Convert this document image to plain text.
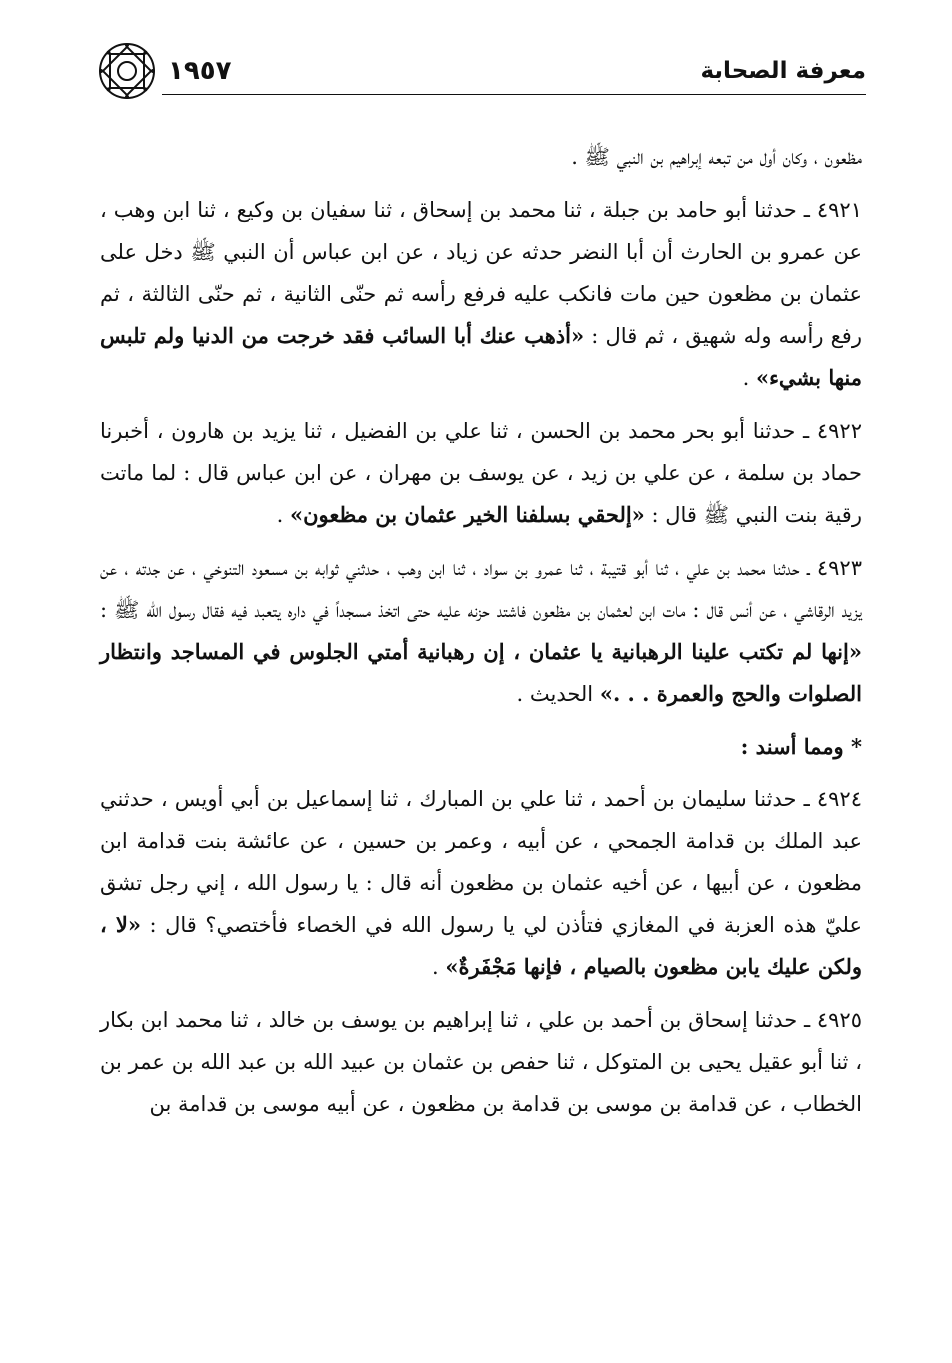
١٩٥٧	معرفة الصحابة
مظعون ، وكان أول من تبعه إبراهيم بن النبي ﷺ .
٤٩٢١ ـ حدثنا أبو حامد بن جبلة ، ثنا محمد بن إسحاق ، ثنا سفيان بن وكيع ، ثنا ابن وهب ، عن عمرو بن الحارث أن أبا النضر حدثه عن زياد ، عن ابن عباس أن النبي ﷺ دخل على عثمان بن مظعون حين مات فانكب عليه فرفع رأسه ثم حنّى الثانية ، ثم حنّى الثالثة ، ثم رفع رأسه وله شهيق ، ثم قال : «أذهب عنك أبا السائب فقد خرجت من الدنيا ولم تلبس منها بشيء» .
٤٩٢٢ ـ حدثنا أبو بحر محمد بن الحسن ، ثنا علي بن الفضيل ، ثنا يزيد بن هارون ، أخبرنا حماد بن سلمة ، عن علي بن زيد ، عن يوسف بن مهران ، عن ابن عباس قال : لما ماتت رقية بنت النبي ﷺ قال : «إلحقي بسلفنا الخير عثمان بن مظعون» .
٤٩٢٣ ـ حدثنا محمد بن علي ، ثنا أبو قتيبة ، ثنا عمرو بن سواد ، ثنا ابن وهب ، حدثني ثوابه بن مسعود التنوخي ، عن جدته ، عن يزيد الرقاشي ، عن أنس قال : مات ابن لعثمان بن مظعون فاشتد حزنه عليه حتى اتخذ مسجداً في داره يتعبد فيه فقال رسول الله ﷺ : «إنها لم تكتب علينا الرهبانية يا عثمان ، إن رهبانية أمتي الجلوس في المساجد وانتظار الصلوات والحج والعمرة . . .» الحديث .
* ومما أسند :
٤٩٢٤ ـ حدثنا سليمان بن أحمد ، ثنا علي بن المبارك ، ثنا إسماعيل بن أبي أويس ، حدثني عبد الملك بن قدامة الجمحي ، عن أبيه ، وعمر بن حسين ، عن عائشة بنت قدامة ابن مظعون ، عن أبيها ، عن أخيه عثمان بن مظعون أنه قال : يا رسول الله ، إني رجل تشق عليّ هذه العزبة في المغازي فتأذن لي يا رسول الله في الخصاء فأختصي؟ قال : «لا ، ولكن عليك يابن مظعون بالصيام ، فإنها مَجْفَرةٌ» .
٤٩٢٥ ـ حدثنا إسحاق بن أحمد بن علي ، ثنا إبراهيم بن يوسف بن خالد ، ثنا محمد ابن بكار ، ثنا أبو عقيل يحيى بن المتوكل ، ثنا حفص بن عثمان بن عبيد الله بن عبد الله بن عمر بن الخطاب ، عن قدامة بن موسى بن قدامة بن مظعون ، عن أبيه موسى بن قدامة بن
